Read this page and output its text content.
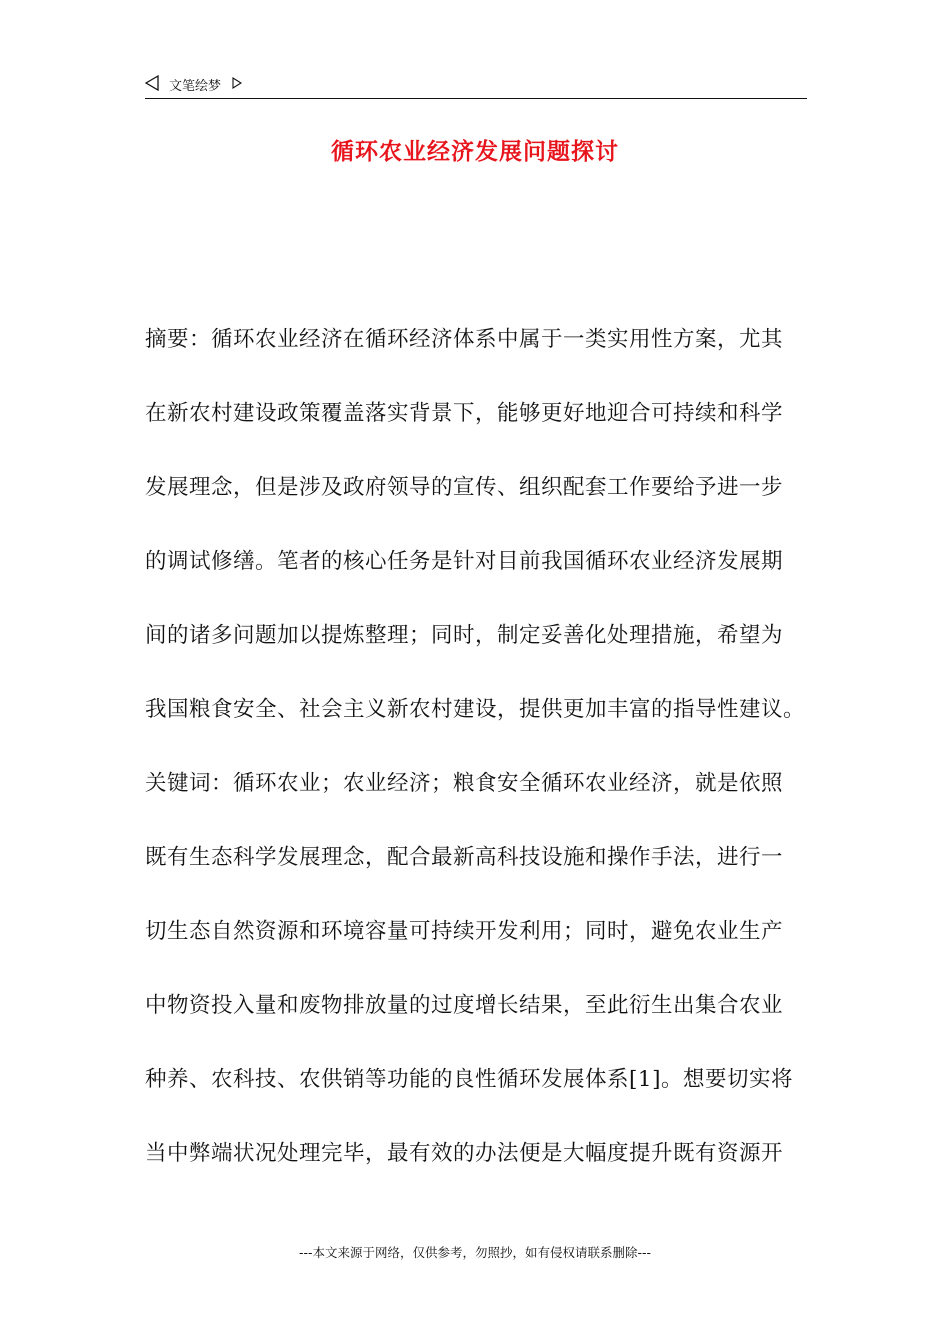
文笔绘梦
循环农业经济发展问题探讨
摘要：循环农业经济在循环经济体系中属于一类实用性方案，尤其
在新农村建设政策覆盖落实背景下，能够更好地迎合可持续和科学
发展理念，但是涉及政府领导的宣传、组织配套工作要给予进一步
的调试修缮。笔者的核心任务是针对目前我国循环农业经济发展期
间的诸多问题加以提炼整理；同时，制定妥善化处理措施，希望为
我国粮食安全、社会主义新农村建设，提供更加丰富的指导性建议。
关键词：循环农业；农业经济；粮食安全循环农业经济，就是依照
既有生态科学发展理念，配合最新高科技设施和操作手法，进行一
切生态自然资源和环境容量可持续开发利用；同时，避免农业生产
中物资投入量和废物排放量的过度增长结果，至此衍生出集合农业
种养、农科技、农供销等功能的良性循环发展体系[1]。想要切实将
当中弊端状况处理完毕，最有效的办法便是大幅度提升既有资源开
---本文来源于网络，仅供参考，勿照抄，如有侵权请联系删除---
